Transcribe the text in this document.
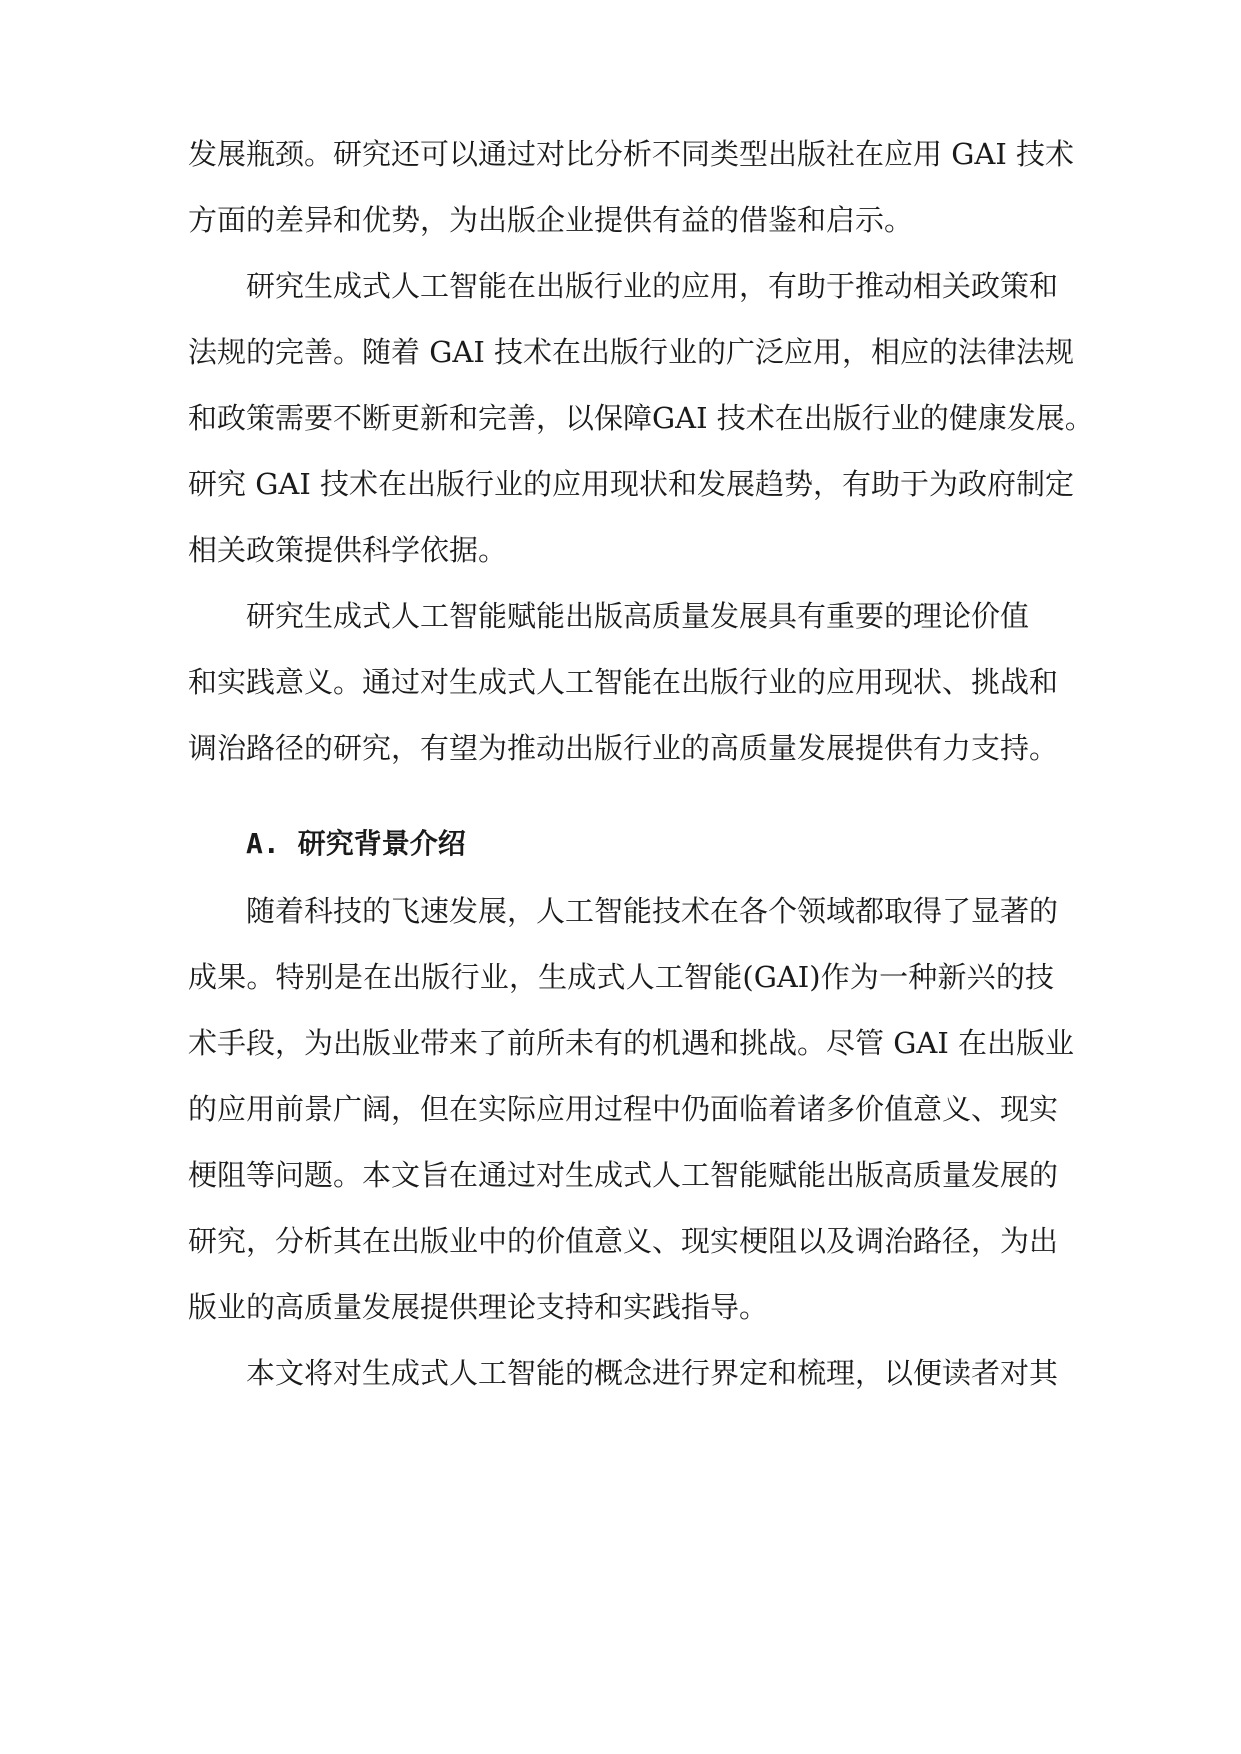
发展瓶颈。研究还可以通过对比分析不同类型出版社在应用 GAI 技术
方面的差异和优势，为出版企业提供有益的借鉴和启示。
研究生成式人工智能在出版行业的应用，有助于推动相关政策和
法规的完善。随着 GAI 技术在出版行业的广泛应用，相应的法律法规
和政策需要不断更新和完善，以保障GAI 技术在出版行业的健康发展。
研究 GAI 技术在出版行业的应用现状和发展趋势，有助于为政府制定
相关政策提供科学依据。
研究生成式人工智能赋能出版高质量发展具有重要的理论价值
和实践意义。通过对生成式人工智能在出版行业的应用现状、挑战和
调治路径的研究，有望为推动出版行业的高质量发展提供有力支持。
A. 研究背景介绍
随着科技的飞速发展，人工智能技术在各个领域都取得了显著的
成果。特别是在出版行业，生成式人工智能(GAI)作为一种新兴的技
术手段，为出版业带来了前所未有的机遇和挑战。尽管 GAI 在出版业
的应用前景广阔，但在实际应用过程中仍面临着诸多价值意义、现实
梗阻等问题。本文旨在通过对生成式人工智能赋能出版高质量发展的
研究，分析其在出版业中的价值意义、现实梗阻以及调治路径，为出
版业的高质量发展提供理论支持和实践指导。
本文将对生成式人工智能的概念进行界定和梳理，以便读者对其
